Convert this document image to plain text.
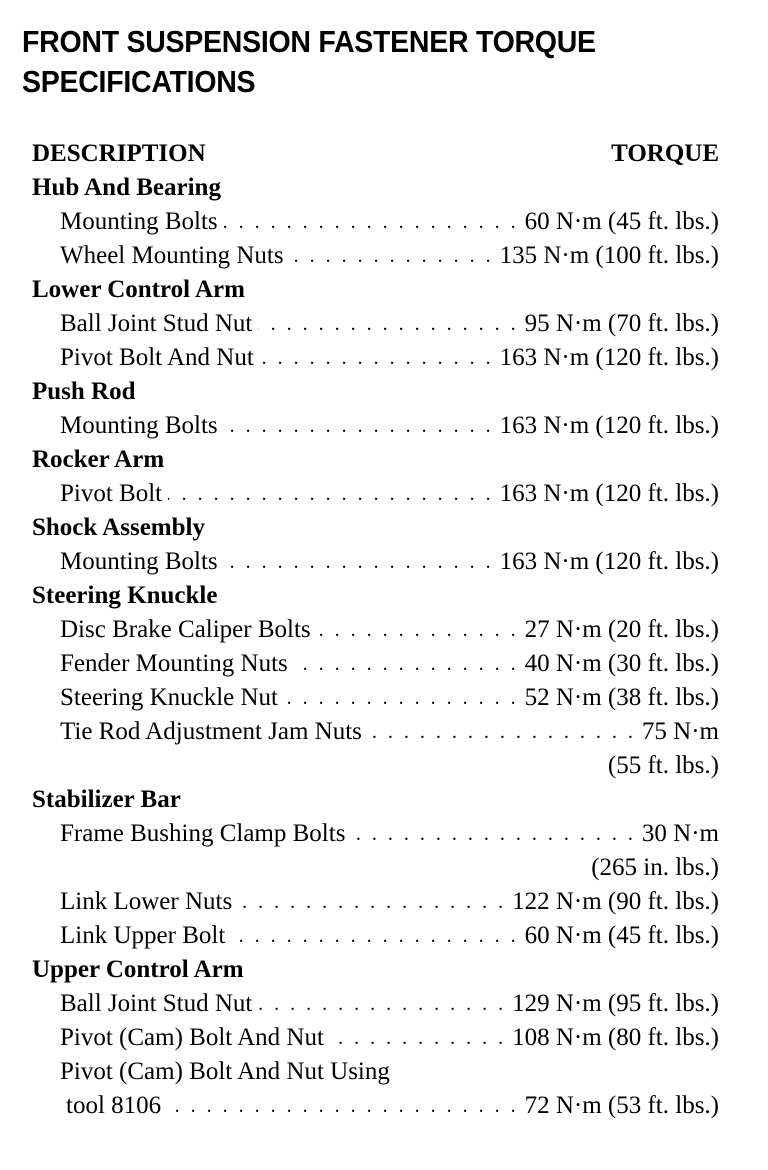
FRONT SUSPENSION FASTENER TORQUE
SPECIFICATIONS
DESCRIPTION	TORQUE
Hub And Bearing
Mounting Bolts . . .	60 N·m (45 ft. lbs.)
Wheel Mounting Nuts . . .	135 N·m (100 ft. lbs.)
Lower Control Arm
Ball Joint Stud Nut . . .	95 N·m (70 ft. lbs.)
Pivot Bolt And Nut . . .	163 N·m (120 ft. lbs.)
Push Rod
Mounting Bolts . . .	163 N·m (120 ft. lbs.)
Rocker Arm
Pivot Bolt . . .	163 N·m (120 ft. lbs.)
Shock Assembly
Mounting Bolts . . .	163 N·m (120 ft. lbs.)
Steering Knuckle
Disc Brake Caliper Bolts . . .	27 N·m (20 ft. lbs.)
Fender Mounting Nuts . . .	40 N·m (30 ft. lbs.)
Steering Knuckle Nut . . .	52 N·m (38 ft. lbs.)
Tie Rod Adjustment Jam Nuts . . .	75 N·m
(55 ft. lbs.)
Stabilizer Bar
Frame Bushing Clamp Bolts . . .	30 N·m
(265 in. lbs.)
Link Lower Nuts . . .	122 N·m (90 ft. lbs.)
Link Upper Bolt . . .	60 N·m (45 ft. lbs.)
Upper Control Arm
Ball Joint Stud Nut . . .	129 N·m (95 ft. lbs.)
Pivot (Cam) Bolt And Nut . . .	108 N·m (80 ft. lbs.)
Pivot (Cam) Bolt And Nut Using
tool 8106 . . .	72 N·m (53 ft. lbs.)
